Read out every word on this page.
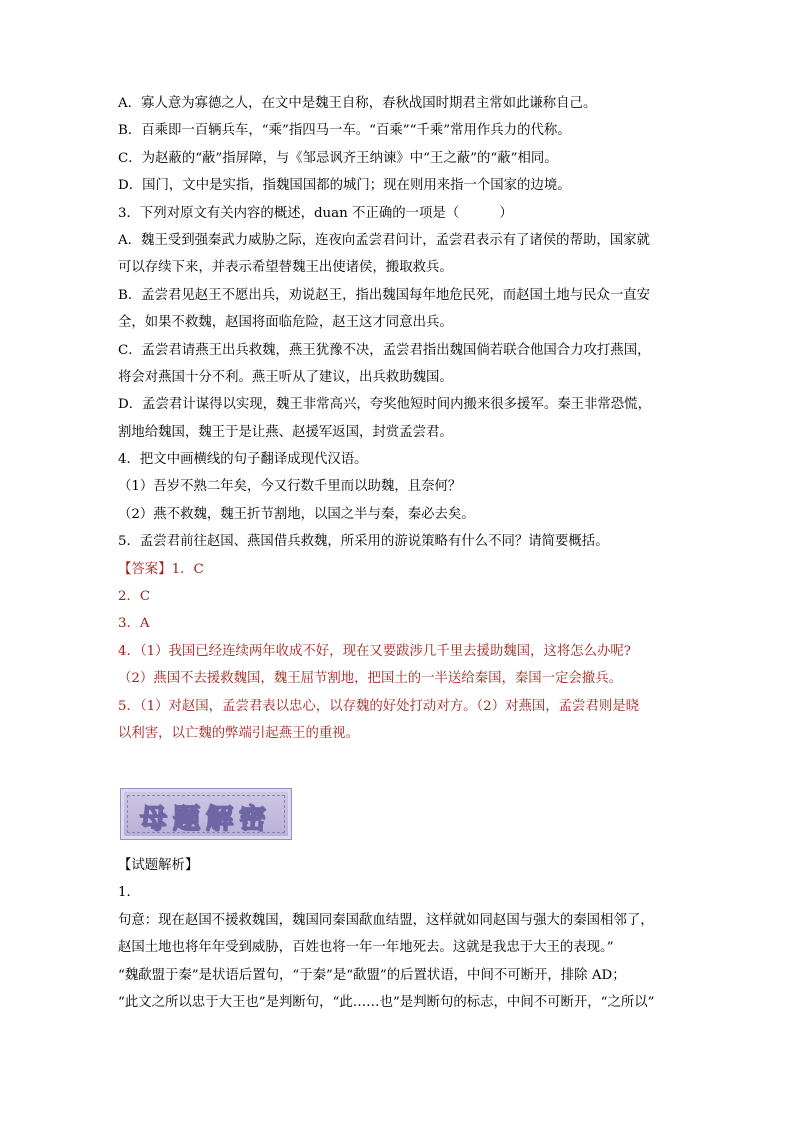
A．寡人意为寡德之人，在文中是魏王自称，春秋战国时期君主常如此谦称自己。

B．百乘即一百辆兵车，“乘”指四马一车。“百乘”“千乘”常用作兵力的代称。

C．为赵蔽的“蔽”指屏障，与《邹忌讽齐王纳谏》中“王之蔽”的“蔽”相同。

D．国门，文中是实指，指魏国国都的城门；现在则用来指一个国家的边境。

3．下列对原文有关内容的概述，duan 不正确的一项是（　　　）

A．魏王受到强秦武力威胁之际，连夜向孟尝君问计，孟尝君表示有了诸侯的帮助，国家就

可以存续下来，并表示希望替魏王出使诸侯，搬取救兵。

B．孟尝君见赵王不愿出兵，劝说赵王，指出魏国每年地危民死，而赵国土地与民众一直安

全，如果不救魏，赵国将面临危险，赵王这才同意出兵。

C．孟尝君请燕王出兵救魏，燕王犹豫不决，孟尝君指出魏国倘若联合他国合力攻打燕国，

将会对燕国十分不利。燕王听从了建议，出兵救助魏国。

D．孟尝君计谋得以实现，魏王非常高兴，夸奖他短时间内搬来很多援军。秦王非常恐慌，

割地给魏国，魏王于是让燕、赵援军返国，封赏孟尝君。

4．把文中画横线的句子翻译成现代汉语。

（1）吾岁不熟二年矣，今又行数千里而以助魏，且奈何？

（2）燕不救魏，魏王折节割地，以国之半与秦，秦必去矣。

5．孟尝君前往赵国、燕国借兵救魏，所采用的游说策略有什么不同？请简要概括。

【答案】1．C

2．C

3．A

4．（1）我国已经连续两年收成不好，现在又要跋涉几千里去援助魏国，这将怎么办呢?

（2）燕国不去援救魏国，魏王屈节割地，把国土的一半送给秦国，秦国一定会撤兵。

5．（1）对赵国，孟尝君表以忠心，以存魏的好处打动对方。（2）对燕国，孟尝君则是晓

以利害，以亡魏的弊端引起燕王的重视。

母题解密

【试题解析】

1．

句意：现在赵国不援救魏国，魏国同秦国歃血结盟，这样就如同赵国与强大的秦国相邻了，

赵国土地也将年年受到威胁，百姓也将一年一年地死去。这就是我忠于大王的表现。”

“魏歃盟于秦”是状语后置句，“于秦”是“歃盟”的后置状语，中间不可断开，排除 AD；

“此文之所以忠于大王也”是判断句，“此……也”是判断句的标志，中间不可断开，“之所以”
